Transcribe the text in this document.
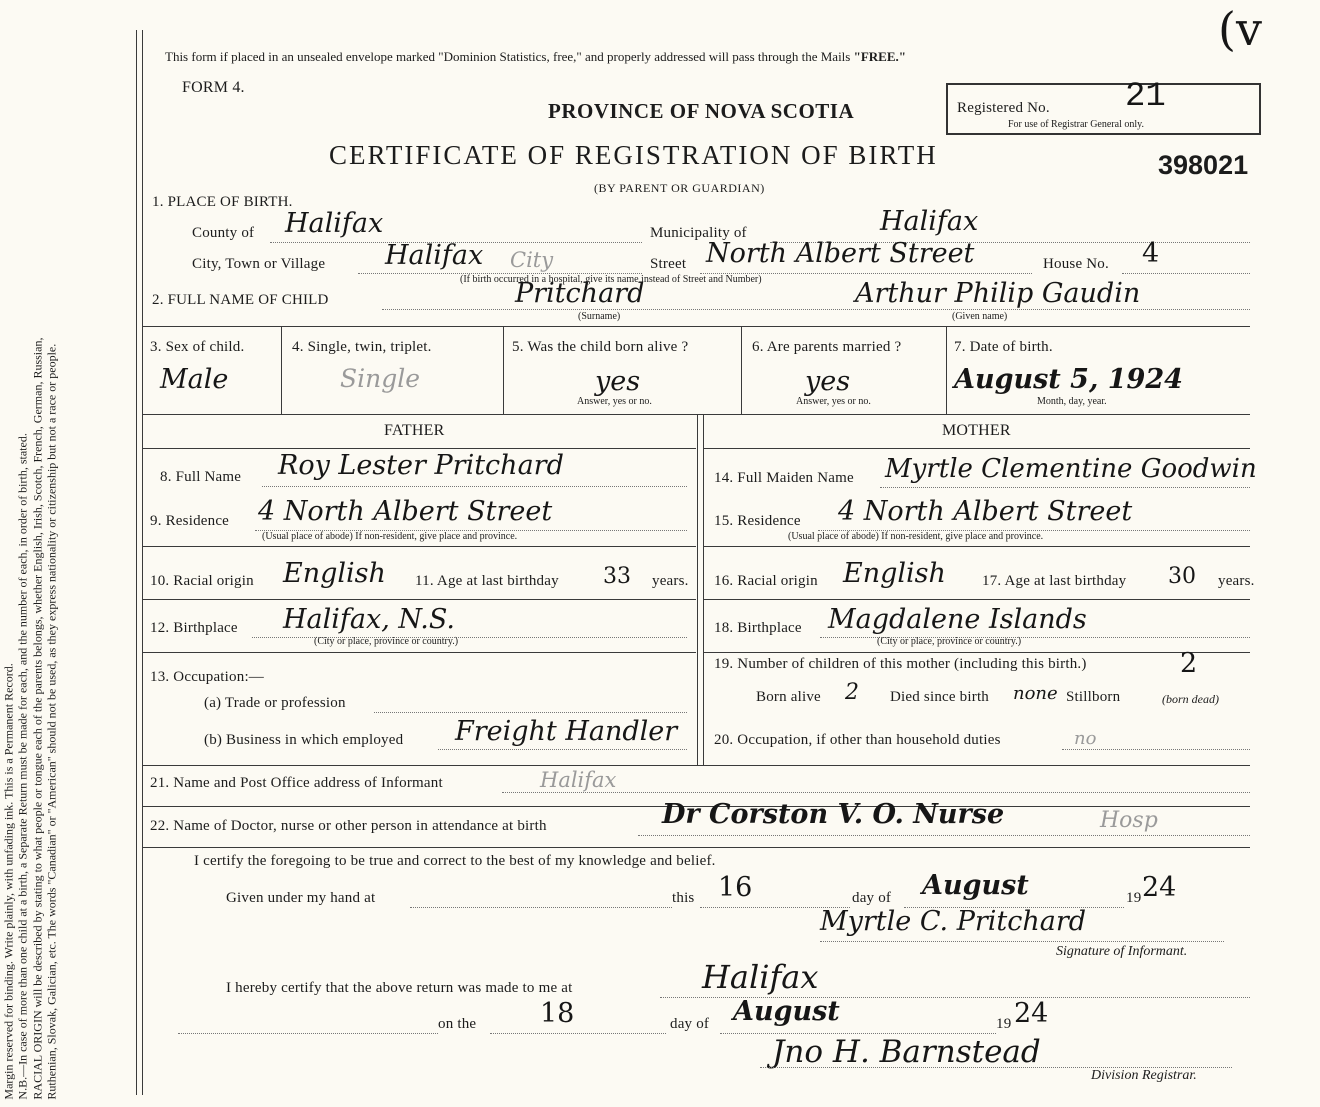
Margin reserved for binding. Write plainly, with unfading ink. This is a Permanent Record. N.B.—In case of more than one child at a birth, a Separate Return must be made for each, and the number of each, in order of birth, stated. RACIAL ORIGIN will be described by stating to what people or tongue each of the parents belongs, whether English, Irish, Scotch, French, German, Russian, Ruthenian, Slovak, Galician, etc. The words "Canadian" or "American" should not be used, as they express nationality or citizenship but not a race or people.
This form if placed in an unsealed envelope marked "Dominion Statistics, free," and properly addressed will pass through the Mails "FREE."
FORM 4.
PROVINCE OF NOVA SCOTIA	Registered No. 21
For use of Registrar General only.
(v
CERTIFICATE OF REGISTRATION OF BIRTH	398021
(BY PARENT OR GUARDIAN)
1. PLACE OF BIRTH.
County of Halifax	Municipality of	Halifax
City, Town or Village Halifax City
(If birth occurred in a hospital, give its name instead of Street and Number)
Street North Albert Street	House No. 4
2. FULL NAME OF CHILD	Pritchard
(Surname)
Arthur Philip Gaudin
(Given name)
3. Sex of child.
Male
4. Single, twin, triplet.
Single
5. Was the child born alive ?
yes
Answer, yes or no.
6. Are parents married ?
yes
Answer, yes or no.
7. Date of birth.
August 5, 1924
Month, day, year.
FATHER	MOTHER
8. Full Name Roy Lester Pritchard
9. Residence 4 North Albert Street
(Usual place of abode) If non-resident, give place and province.
10. Racial origin English 11. Age at last birthday 33 years.
12. Birthplace Halifax, N.S.
(City or place, province or country.)
13. Occupation:—
(a) Trade or profession
(b) Business in which employed Freight Handler
14. Full Maiden Name Myrtle Clementine Goodwin
15. Residence 4 North Albert Street
(Usual place of abode) If non-resident, give place and province.
16. Racial origin English 17. Age at last birthday 30 years.
18. Birthplace Magdalene Islands
(City or place, province or country.)
19. Number of children of this mother (including this birth.)	2
Born alive 2 Died since birth none Stillborn	(born dead)
20. Occupation, if other than household duties	no
21. Name and Post Office address of Informant	Halifax
22. Name of Doctor, nurse or other person in attendance at birth	Dr Corston V. O. Nurse	Hosp
I certify the foregoing to be true and correct to the best of my knowledge and belief.
Given under my hand at	this 16	day of August	19 24
Myrtle C. Pritchard
Signature of Informant.
I hereby certify that the above return was made to me at	Halifax
on the 18	day of August	19 24
Jno H. Barnstead
Division Registrar.
